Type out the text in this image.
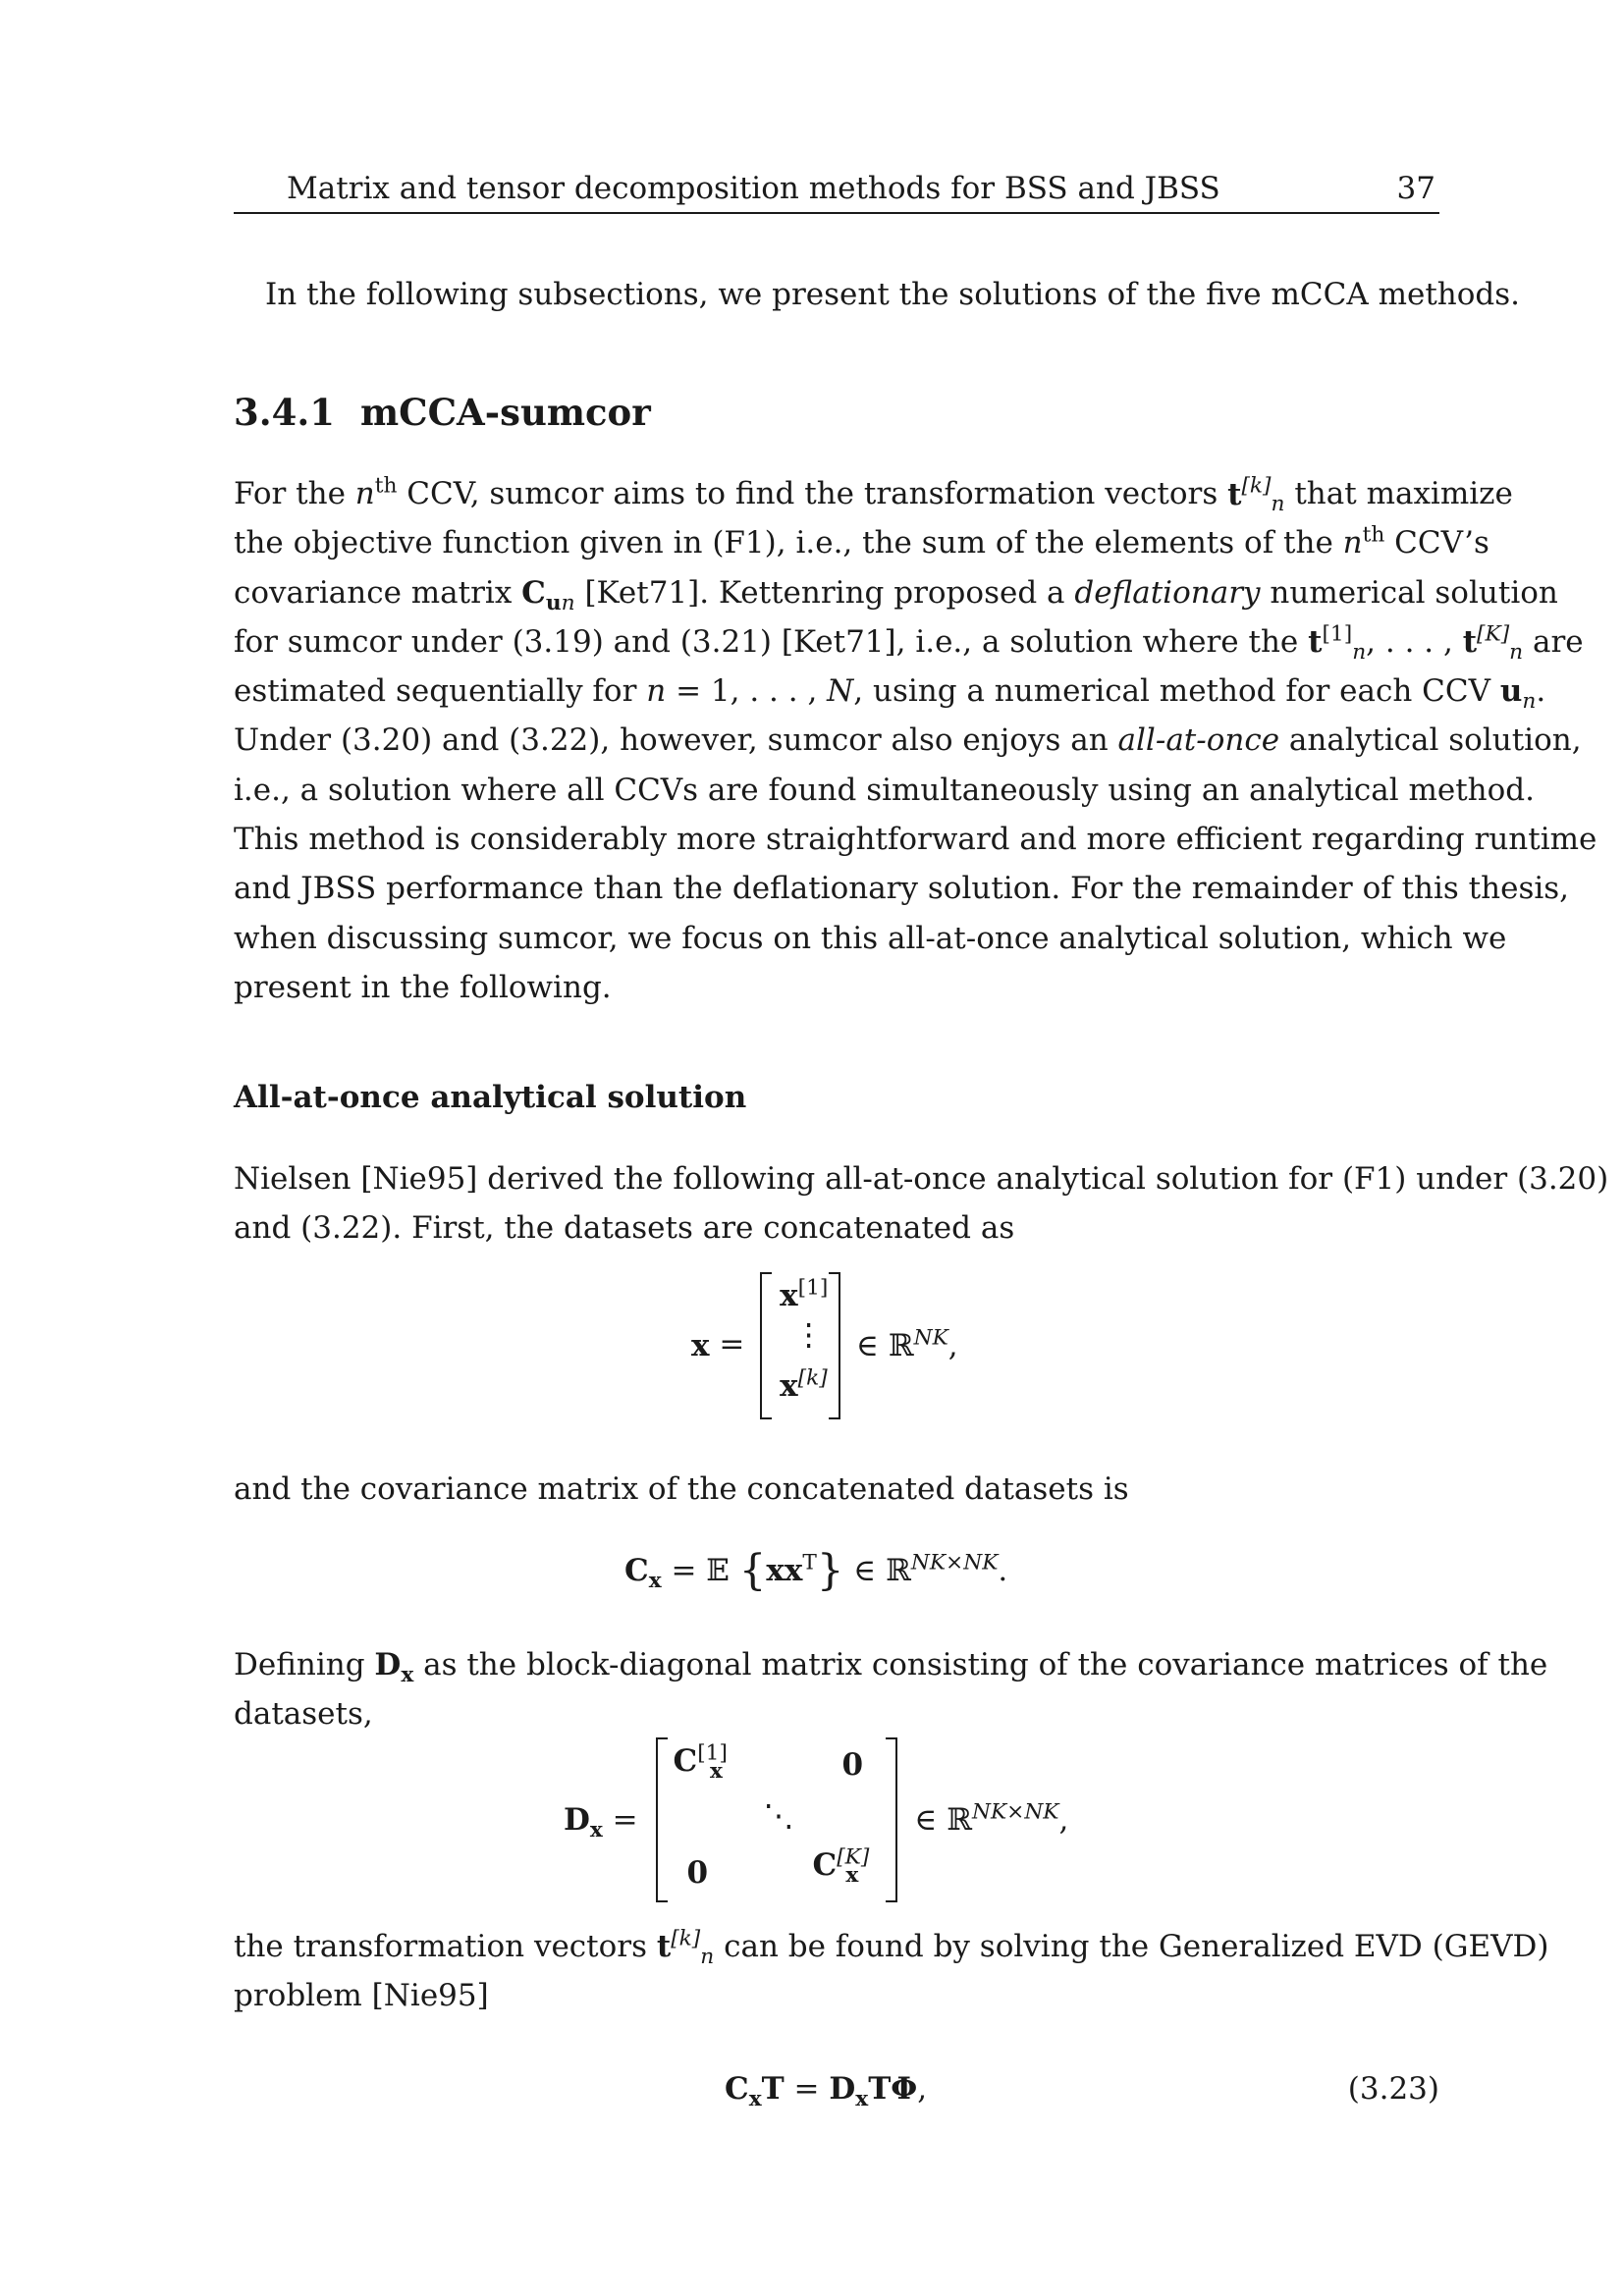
Matrix and tensor decomposition methods for BSS and JBSS	37
In the following subsections, we present the solutions of the five mCCA methods.
3.4.1 mCCA-sumcor
For the $n^{th}$ CCV, sumcor aims to find the transformation vectors $t[k]_n$ that maximize
the objective function given in (F1), i.e., the sum of the elements of the $n^{th}$ CCV’s
covariance matrix $C_{un}$ [Ket71]. Kettenring proposed a deflationary numerical solution
for sumcor under (3.19) and (3.21) [Ket71], i.e., a solution where the $t[1]_n$, . . . , $t[K]_n$ are
estimated sequentially for n = 1, . . . , N, using a numerical method for each CCV $u_n$.
Under (3.20) and (3.22), however, sumcor also enjoys an all-at-once analytical solution,
i.e., a solution where all CCVs are found simultaneously using an analytical method.
This method is considerably more straightforward and more efficient regarding runtime
and JBSS performance than the deflationary solution. For the remainder of this thesis,
when discussing sumcor, we focus on this all-at-once analytical solution, which we
present in the following.
All-at-once analytical solution
Nielsen [Nie95] derived the following all-at-once analytical solution for (F1) under (3.20)
and (3.22). First, the datasets are concatenated as
x =
x[1]
⋮
x[k]
∈ ℝ$^{NK}$,
and the covariance matrix of the concatenated datasets is
$C_x$ = 𝔼 $\{xx^T\}$ ∈ ℝ$^{NK\times NK}$.
Defining $D_x$ as the block-diagonal matrix consisting of the covariance matrices of the
datasets,
$D_x$ =
$C[1]_x$	0
⋱
0	$C[K]_x$
∈ ℝ$^{NK\times NK}$,
the transformation vectors $t[k]_n$ can be found by solving the Generalized EVD (GEVD)
problem [Nie95]
$C_xT = D_xT\Phi$,	(3.23)
